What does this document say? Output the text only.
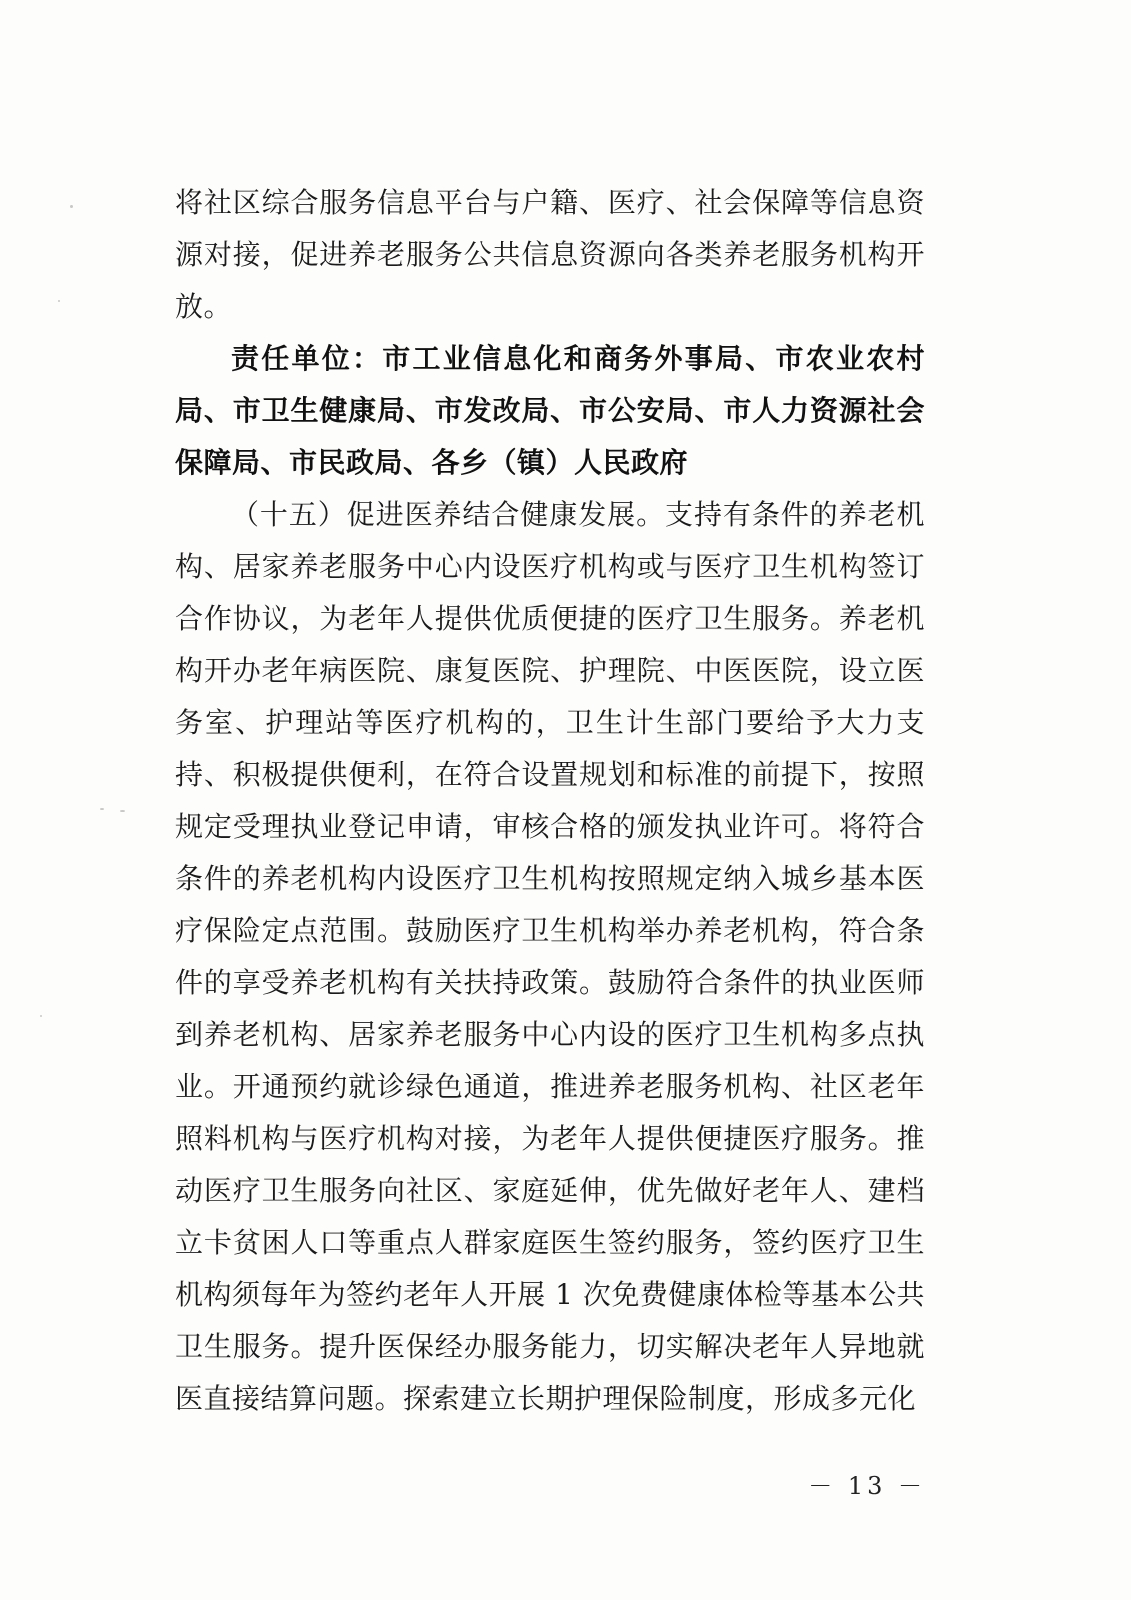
将社区综合服务信息平台与户籍、医疗、社会保障等信息资源对接，促进养老服务公共信息资源向各类养老服务机构开放。

责任单位：市工业信息化和商务外事局、市农业农村局、市卫生健康局、市发改局、市公安局、市人力资源社会保障局、市民政局、各乡（镇）人民政府

（十五）促进医养结合健康发展。支持有条件的养老机构、居家养老服务中心内设医疗机构或与医疗卫生机构签订合作协议，为老年人提供优质便捷的医疗卫生服务。养老机构开办老年病医院、康复医院、护理院、中医医院，设立医务室、护理站等医疗机构的，卫生计生部门要给予大力支持、积极提供便利，在符合设置规划和标准的前提下，按照规定受理执业登记申请，审核合格的颁发执业许可。将符合条件的养老机构内设医疗卫生机构按照规定纳入城乡基本医疗保险定点范围。鼓励医疗卫生机构举办养老机构，符合条件的享受养老机构有关扶持政策。鼓励符合条件的执业医师到养老机构、居家养老服务中心内设的医疗卫生机构多点执业。开通预约就诊绿色通道，推进养老服务机构、社区老年照料机构与医疗机构对接，为老年人提供便捷医疗服务。推动医疗卫生服务向社区、家庭延伸，优先做好老年人、建档立卡贫困人口等重点人群家庭医生签约服务，签约医疗卫生机构须每年为签约老年人开展 1 次免费健康体检等基本公共卫生服务。提升医保经办服务能力，切实解决老年人异地就医直接结算问题。探索建立长期护理保险制度，形成多元化

－ 13 －
